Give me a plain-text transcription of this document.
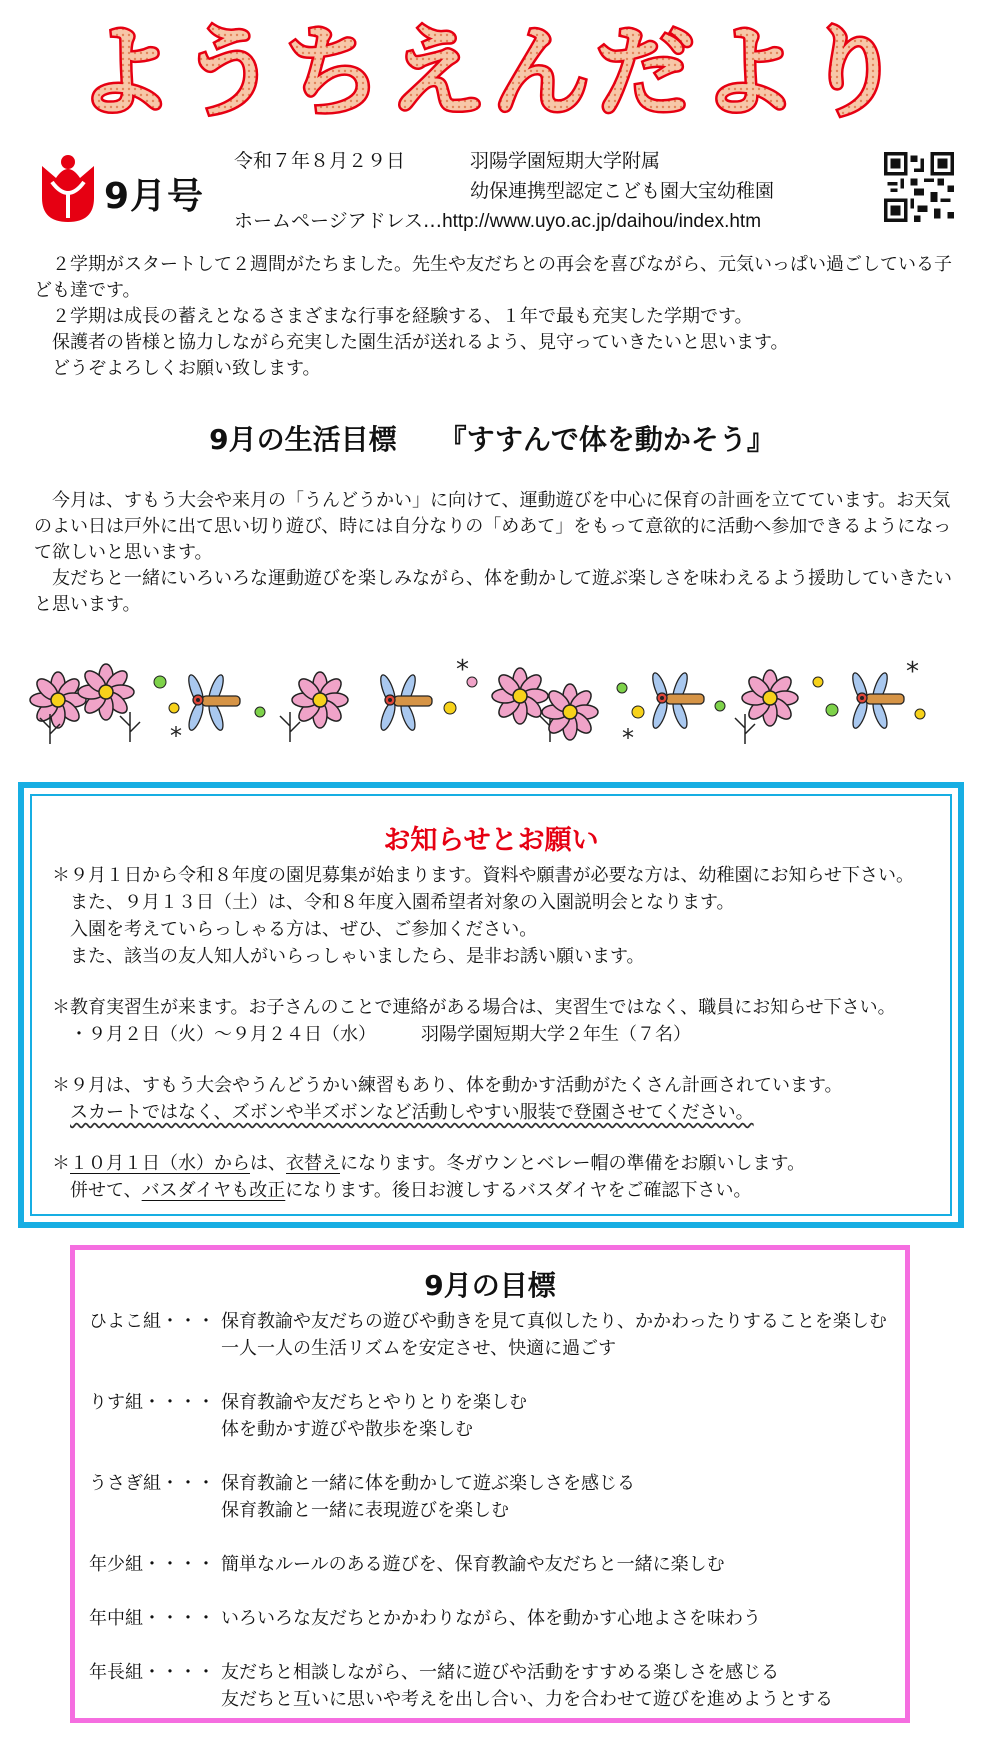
ようちえんだより
9月号
令和７年８月２９日	羽陽学園短期大学附属
幼保連携型認定こども園大宝幼稚園
ホームページアドレス…http://www.uyo.ac.jp/daihou/index.htm

２学期がスタートして２週間がたちました。先生や友だちとの再会を喜びながら、元気いっぱい過ごしている子ども達です。

２学期は成長の蓄えとなるさまざまな行事を経験する、１年で最も充実した学期です。

保護者の皆様と協力しながら充実した園生活が送れるよう、見守っていきたいと思います。

どうぞよろしくお願い致します。

9月の生活目標　　『すすんで体を動かそう』

今月は、すもう大会や来月の「うんどうかい」に向けて、運動遊びを中心に保育の計画を立てています。お天気のよい日は戸外に出て思い切り遊び、時には自分なりの「めあて」をもって意欲的に活動へ参加できるようになって欲しいと思います。

友だちと一緒にいろいろな運動遊びを楽しみながら、体を動かして遊ぶ楽しさを味わえるよう援助していきたいと思います。

*
*	*
*
お知らせとお願い

＊９月１日から令和８年度の園児募集が始まります。資料や願書が必要な方は、幼稚園にお知らせ下さい。

　また、９月１３日（土）は、令和８年度入園希望者対象の入園説明会となります。

　入園を考えていらっしゃる方は、ぜひ、ご参加ください。

　また、該当の友人知人がいらっしゃいましたら、是非お誘い願います。

＊教育実習生が来ます。お子さんのことで連絡がある場合は、実習生ではなく、職員にお知らせ下さい。

　・９月２日（火）～９月２４日（水）　　　羽陽学園短期大学２年生（７名）

＊９月は、すもう大会やうんどうかい練習もあり、体を動かす活動がたくさん計画されています。

スカートではなく、ズボンや半ズボンなど活動しやすい服装で登園させてください。

＊１０月１日（水）からは、衣替えになります。冬ガウンとベレー帽の準備をお願いします。

　併せて、バスダイヤも改正になります。後日お渡しするバスダイヤをご確認下さい。

9月の目標
ひよこ組・・・ 保育教諭や友だちの遊びや動きを見て真似したり、かかわったりすることを楽しむ
一人一人の生活リズムを安定させ、快適に過ごす
りす組・・・・ 保育教諭や友だちとやりとりを楽しむ
体を動かす遊びや散歩を楽しむ
うさぎ組・・・ 保育教諭と一緒に体を動かして遊ぶ楽しさを感じる
保育教諭と一緒に表現遊びを楽しむ
年少組・・・・ 簡単なルールのある遊びを、保育教諭や友だちと一緒に楽しむ
年中組・・・・ いろいろな友だちとかかわりながら、体を動かす心地よさを味わう
年長組・・・・ 友だちと相談しながら、一緒に遊びや活動をすすめる楽しさを感じる
友だちと互いに思いや考えを出し合い、力を合わせて遊びを進めようとする
